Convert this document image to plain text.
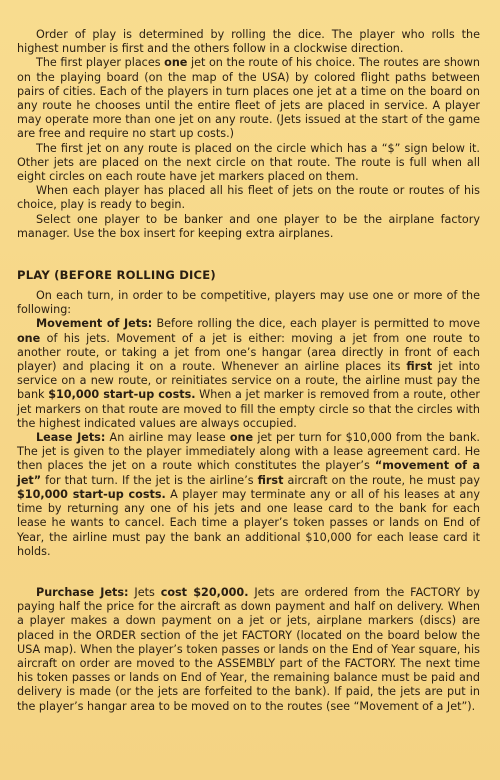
Order of play is determined by rolling the dice. The player who rolls the highest number is first and the others follow in a clockwise direction.

The first player places one jet on the route of his choice. The routes are shown on the playing board (on the map of the USA) by colored flight paths between pairs of cities. Each of the players in turn places one jet at a time on the board on any route he chooses until the entire fleet of jets are placed in service. A player may operate more than one jet on any route. (Jets issued at the start of the game are free and require no start up costs.)

The first jet on any route is placed on the circle which has a “$” sign below it. Other jets are placed on the next circle on that route. The route is full when all eight circles on each route have jet markers placed on them.

When each player has placed all his fleet of jets on the route or routes of his choice, play is ready to begin.

Select one player to be banker and one player to be the airplane factory manager. Use the box insert for keeping extra airplanes.

PLAY (BEFORE ROLLING DICE)

On each turn, in order to be competitive, players may use one or more of the following:

Movement of Jets: Before rolling the dice, each player is permitted to move one of his jets. Movement of a jet is either: moving a jet from one route to another route, or taking a jet from one’s hangar (area directly in front of each player) and placing it on a route. Whenever an airline places its first jet into service on a new route, or reinitiates service on a route, the airline must pay the bank $10,000 start-up costs. When a jet marker is removed from a route, other jet markers on that route are moved to fill the empty circle so that the circles with the highest indicated values are always occupied.

Lease Jets: An airline may lease one jet per turn for $10,000 from the bank. The jet is given to the player immediately along with a lease agreement card. He then places the jet on a route which constitutes the player’s “movement of a jet” for that turn. If the jet is the airline’s first aircraft on the route, he must pay $10,000 start-up costs. A player may terminate any or all of his leases at any time by returning any one of his jets and one lease card to the bank for each lease he wants to cancel. Each time a player’s token passes or lands on End of Year, the airline must pay the bank an additional $10,000 for each lease card it holds.

Purchase Jets: Jets cost $20,000. Jets are ordered from the FACTORY by paying half the price for the aircraft as down payment and half on delivery. When a player makes a down payment on a jet or jets, airplane markers (discs) are placed in the ORDER section of the jet FACTORY (located on the board below the USA map). When the player’s token passes or lands on the End of Year square, his aircraft on order are moved to the ASSEMBLY part of the FACTORY. The next time his token passes or lands on End of Year, the remaining balance must be paid and delivery is made (or the jets are forfeited to the bank). If paid, the jets are put in the player’s hangar area to be moved on to the routes (see “Movement of a Jet”).
